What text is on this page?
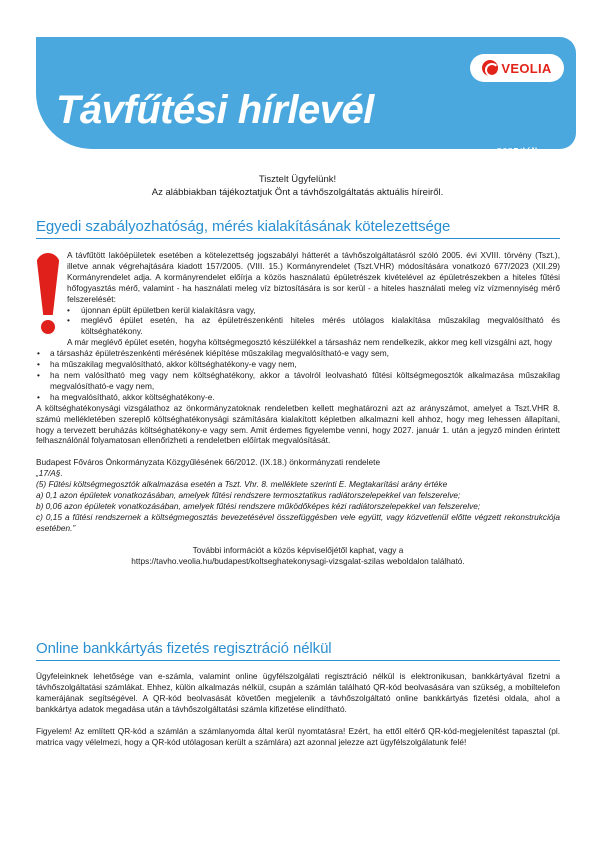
VEOLIA
Távfűtési hírlevél
2025/július
Tisztelt Ügyfelünk!
Az alábbiakban tájékoztatjuk Önt a távhőszolgáltatás aktuális híreiről.
Egyedi szabályozhatóság, mérés kialakításának kötelezettsége

A távfűtött lakóépületek esetében a kötelezettség jogszabályi hátterét a távhőszolgáltatásról szóló 2005. évi XVIII. törvény (Tszt.), illetve annak végrehajtására kiadott 157/2005. (VIII. 15.) Kormányrendelet (Tszt.VHR) módosítására vonatkozó 677/2023 (XII.29) Kormányrendelet adja. A kormányrendelet előírja a közös használatú épületrészek kivételével az épületrészekben a hiteles fűtési hőfogyasztás mérő, valamint - ha használati meleg víz biztosítására is sor kerül - a hiteles használati meleg víz vízmennyiség mérő felszerelését:

• újonnan épült épületben kerül kialakításra vagy,
• meglévő épület esetén, ha az épületrészenkénti hiteles mérés utólagos kialakítása műszakilag megvalósítható és költséghatékony.

A már meglévő épület esetén, hogyha költségmegosztó készülékkel a társasház nem rendelkezik, akkor meg kell vizsgálni azt, hogy

• a társasház épületrészenkénti mérésének kiépítése műszakilag megvalósítható-e vagy sem,
• ha műszakilag megvalósítható, akkor költséghatékony-e vagy nem,
• ha nem valósítható meg vagy nem költséghatékony, akkor a távolról leolvasható fűtési költségmegosztók alkalmazása műszakilag megvalósítható-e vagy nem,
• ha megvalósítható, akkor költséghatékony-e.

A költséghatékonysági vizsgálathoz az önkormányzatoknak rendeletben kellett meghatározni azt az arányszámot, amelyet a Tszt.VHR 8. számú mellékletében szereplő költséghatékonysági számítására kialakított képletben alkalmazni kell ahhoz, hogy meg lehessen állapítani, hogy a tervezett beruházás költséghatékony-e vagy sem. Amit érdemes figyelembe venni, hogy 2027. január 1. után a jegyző minden érintett felhasználónál folyamatosan ellenőrizheti a rendeletben előírtak megvalósítását.

Budapest Főváros Önkormányzata Közgyűlésének 66/2012. (IX.18.) önkormányzati rendelete

„17/A§.

(5) Fűtési költségmegosztók alkalmazása esetén a Tszt. Vhr. 8. melléklete szerinti E. Megtakarítási arány értéke

a) 0,1 azon épületek vonatkozásában, amelyek fűtési rendszere termosztatikus radiátorszelepekkel van felszerelve;

b) 0,06 azon épületek vonatkozásában, amelyek fűtési rendszere működőképes kézi radiátorszelepekkel van felszerelve;

c) 0,15 a fűtési rendszernek a költségmegosztás bevezetésével összefüggésben vele együtt, vagy közvetlenül előtte végzett rekonstrukciója esetében.”

További információt a közös képviselőjétől kaphat, vagy a

https://tavho.veolia.hu/budapest/koltseghatekonysagi-vizsgalat-szilas weboldalon található.

Online bankkártyás fizetés regisztráció nélkül

Ügyfeleinknek lehetősége van e-számla, valamint online ügyfélszolgálati regisztráció nélkül is elektronikusan, bankkártyával fizetni a távhőszolgáltatási számlákat. Ehhez, külön alkalmazás nélkül, csupán a számlán található QR-kód beolvasására van szükség, a mobiltelefon kamerájának segítségével. A QR-kód beolvasását követően megjelenik a távhőszolgáltató online bankkártyás fizetési oldala, ahol a bankkártya adatok megadása után a távhőszolgáltatási számla kifizetése elindítható.

Figyelem! Az említett QR-kód a számlán a számlanyomda által kerül nyomtatásra! Ezért, ha ettől eltérő QR-kód-megjelenítést tapasztal (pl. matrica vagy vélelmezi, hogy a QR-kód utólagosan került a számlára) azt azonnal jelezze azt ügyfélszolgálatunk felé!
